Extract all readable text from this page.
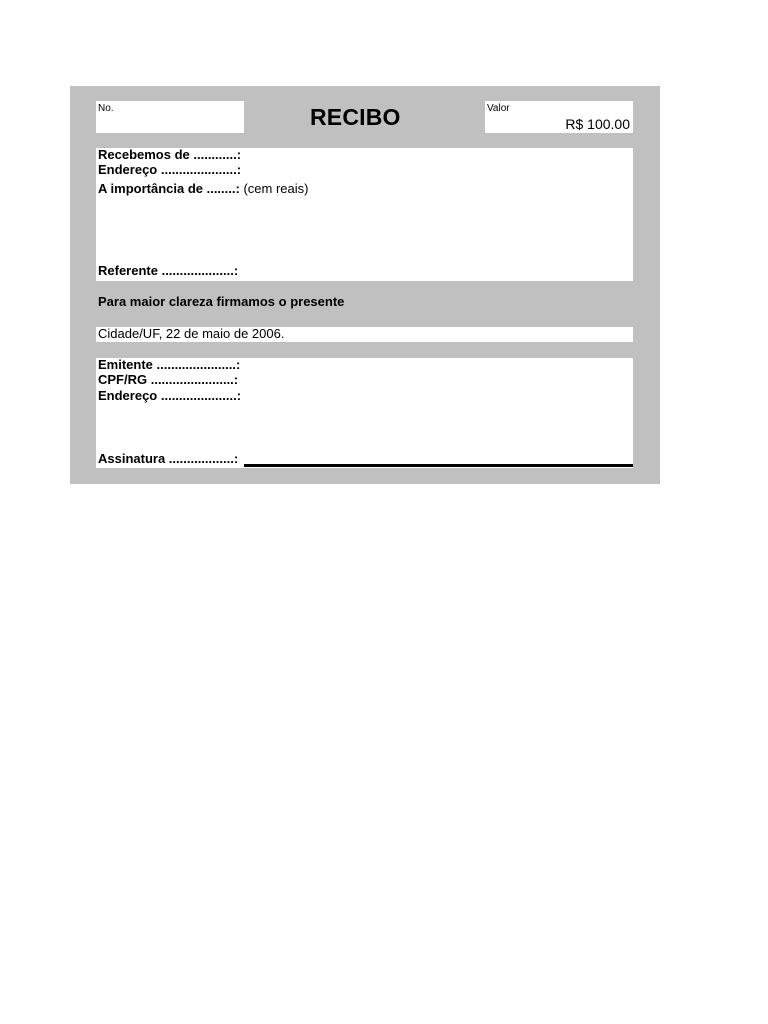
No.	RECIBO	Valor
R$ 100.00
Recebemos de ............:
Endereço .....................:
A importância de ........: (cem reais)
Referente ....................:
Para maior clareza firmamos o presente
Cidade/UF, 22 de maio de 2006.
Emitente ......................:
CPF/RG .......................:
Endereço .....................:
Assinatura ..................:
